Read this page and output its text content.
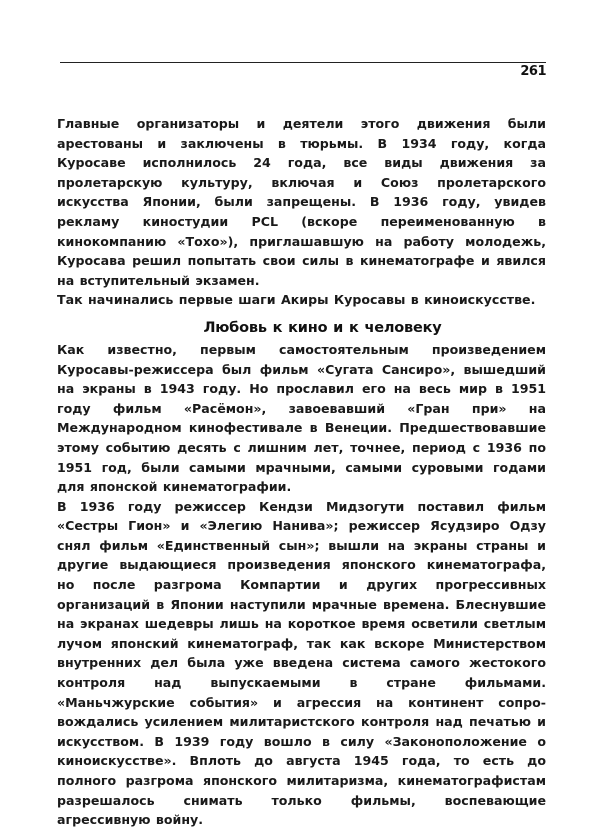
261

Главные организаторы и деятели этого движения были арестованы и заключены в тюрьмы. В 1934 году, когда Куросаве исполнилось 24 года, все виды движения за пролетарскую культуру, включая и Союз пролетарского искусства Японии, были запрещены. В 1936 году, увидев рекламу киностудии PCL (вскоре переименованную в кинокомпанию «Тохо»), приглашавшую на работу молодежь, Куросава решил попытать свои силы в кинематографе и явился на вступительный экзамен.

Так начинались первые шаги Акиры Куросавы в киноискусстве.

Любовь к кино и к человеку

Как известно, первым самостоятельным произведением Куросавы-режиссера был фильм «Сугата Сансиро», вышедший на экраны в 1943 году. Но прославил его на весь мир в 1951 году фильм «Расёмон», завоевавший «Гран при» на Международном кинофестивале в Венеции. Предшествовавшие этому событию десять с лишним лет, точнее, период с 1936 по 1951 год, были самыми мрачными, самыми суровыми годами для японской кинематографии.

В 1936 году режиссер Кендзи Мидзогути поставил фильм «Сестры Гион» и «Элегию Нанива»; режиссер Ясудзиро Одзу снял фильм «Единственный сын»; вышли на экраны страны и другие выдающиеся произведения японского кинематографа, но после разгрома Компартии и других прогрессивных организаций в Японии наступили мрачные времена. Блеснувшие на экранах шедевры лишь на короткое время осветили светлым лучом японский кинематограф, так как вскоре Министерством внутренних дел была уже введена система самого жестокого контроля над выпускаемыми в стране фильмами. «Маньчжурские события» и агрессия на континент сопровождались усилением милитаристского контроля над печатью и искусством. В 1939 году вошло в силу «Законоположение о киноискусстве». Вплоть до августа 1945 года, то есть до полного разгрома японского милитаризма, кинематографистам разрешалось снимать только фильмы, воспевающие агрессивную войну.
